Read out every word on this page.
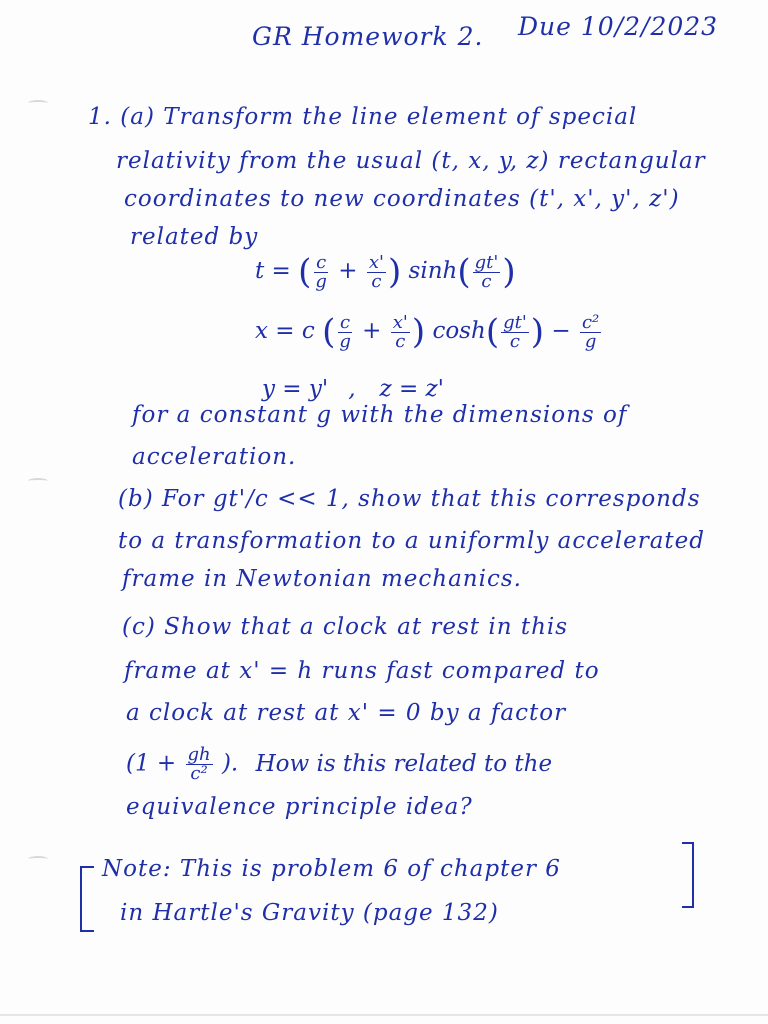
GR Homework 2. Due 10/2/2023
1. (a) Transform the line element of special
relativity from the usual (t, x, y, z) rectangular
coordinates to new coordinates (t', x', y', z')
related by
t = ( $\frac{c}{g} + \frac{x'}{c}$ ) $\sinh( \frac{gt'}{c}$ )
x = c ( $\frac{c}{g} + \frac{x'}{c}$ ) $\cosh( \frac{gt'}{c}$ ) − $\frac{\text{c²}}{g}$
y = y' , z = z'
for a constant g with the dimensions of
acceleration.
(b) For gt'/c << 1, show that this corresponds
to a transformation to a uniformly accelerated
frame in Newtonian mechanics.
(c) Show that a clock at rest in this
frame at x' = h runs fast compared to
a clock at rest at x' = 0 by a factor
($1 + \frac{gh}{\text{c²}}$ ). How is this related to the
equivalence principle idea?
Note: This is problem 6 of chapter 6
in Hartle's Gravity (page 132)
